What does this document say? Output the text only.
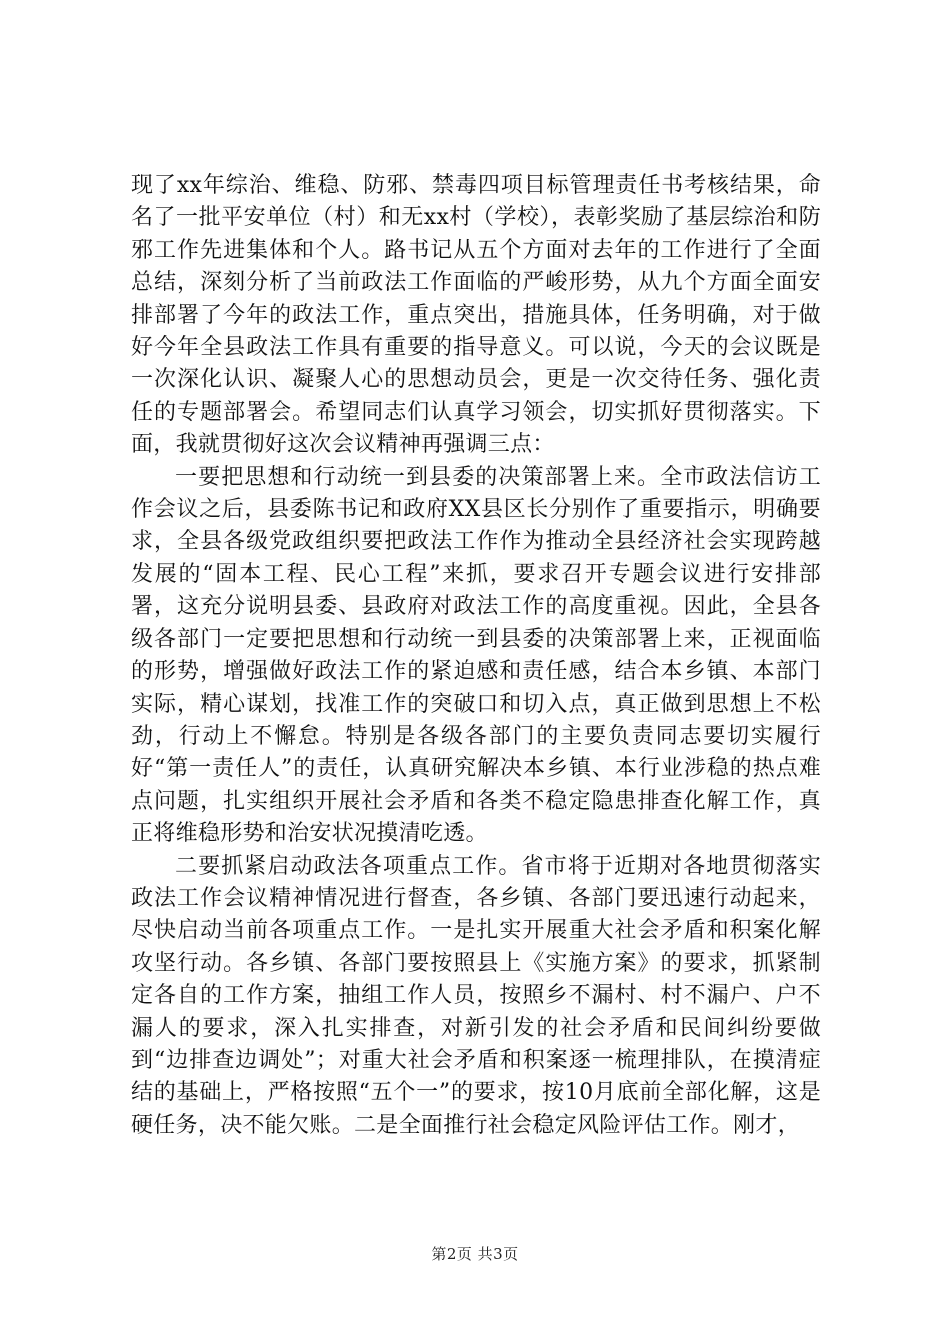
现了xx年综治、维稳、防邪、禁毒四项目标管理责任书考核结果，命名了一批平安单位（村）和无xx村（学校），表彰奖励了基层综治和防邪工作先进集体和个人。路书记从五个方面对去年的工作进行了全面总结，深刻分析了当前政法工作面临的严峻形势，从九个方面全面安排部署了今年的政法工作，重点突出，措施具体，任务明确，对于做好今年全县政法工作具有重要的指导意义。可以说，今天的会议既是一次深化认识、凝聚人心的思想动员会，更是一次交待任务、强化责任的专题部署会。希望同志们认真学习领会，切实抓好贯彻落实。下面，我就贯彻好这次会议精神再强调三点：

一要把思想和行动统一到县委的决策部署上来。全市政法信访工作会议之后，县委陈书记和政府XX县区长分别作了重要指示，明确要求，全县各级党政组织要把政法工作作为推动全县经济社会实现跨越发展的“固本工程、民心工程”来抓，要求召开专题会议进行安排部署，这充分说明县委、县政府对政法工作的高度重视。因此，全县各级各部门一定要把思想和行动统一到县委的决策部署上来，正视面临的形势，增强做好政法工作的紧迫感和责任感，结合本乡镇、本部门实际，精心谋划，找准工作的突破口和切入点，真正做到思想上不松劲，行动上不懈怠。特别是各级各部门的主要负责同志要切实履行好“第一责任人”的责任，认真研究解决本乡镇、本行业涉稳的热点难点问题，扎实组织开展社会矛盾和各类不稳定隐患排查化解工作，真正将维稳形势和治安状况摸清吃透。

二要抓紧启动政法各项重点工作。省市将于近期对各地贯彻落实政法工作会议精神情况进行督查，各乡镇、各部门要迅速行动起来，尽快启动当前各项重点工作。一是扎实开展重大社会矛盾和积案化解攻坚行动。各乡镇、各部门要按照县上《实施方案》的要求，抓紧制定各自的工作方案，抽组工作人员，按照乡不漏村、村不漏户、户不漏人的要求，深入扎实排查，对新引发的社会矛盾和民间纠纷要做到“边排查边调处”；对重大社会矛盾和积案逐一梳理排队，在摸清症结的基础上，严格按照“五个一”的要求，按10月底前全部化解，这是硬任务，决不能欠账。二是全面推行社会稳定风险评估工作。刚才，

第2页 共3页
